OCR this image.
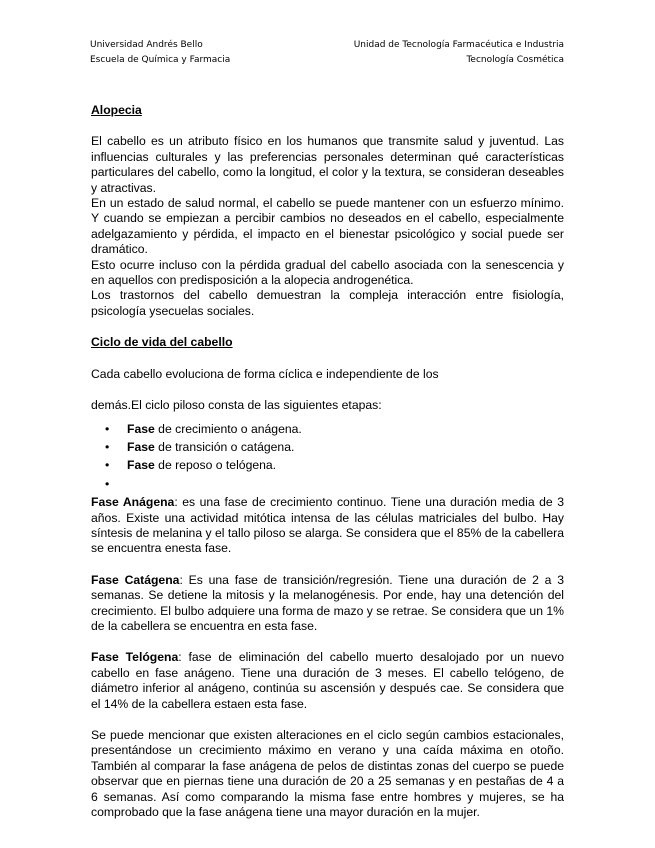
Universidad Andrés Bello
Escuela de Química y Farmacia
Unidad de Tecnología Farmacéutica e Industria
Tecnología Cosmética
Alopecia

El cabello es un atributo físico en los humanos que transmite salud y juventud. Las influencias culturales y las preferencias personales determinan qué características particulares del cabello, como la longitud, el color y la textura, se consideran deseables y atractivas.

En un estado de salud normal, el cabello se puede mantener con un esfuerzo mínimo. Y cuando se empiezan a percibir cambios no deseados en el cabello, especialmente adelgazamiento y pérdida, el impacto en el bienestar psicológico y social puede ser dramático.

Esto ocurre incluso con la pérdida gradual del cabello asociada con la senescencia y en aquellos con predisposición a la alopecia androgenética.

Los trastornos del cabello demuestran la compleja interacción entre fisiología, psicología ysecuelas sociales.

Ciclo de vida del cabello

Cada cabello evoluciona de forma cíclica e independiente de los

demás.El ciclo piloso consta de las siguientes etapas:

• Fase de crecimiento o anágena.
• Fase de transición o catágena.
• Fase de reposo o telógena.
•

Fase Anágena: es una fase de crecimiento continuo. Tiene una duración media de 3 años. Existe una actividad mitótica intensa de las células matriciales del bulbo. Hay síntesis de melanina y el tallo piloso se alarga. Se considera que el 85% de la cabellera se encuentra enesta fase.

Fase Catágena: Es una fase de transición/regresión. Tiene una duración de 2 a 3 semanas. Se detiene la mitosis y la melanogénesis. Por ende, hay una detención del crecimiento. El bulbo adquiere una forma de mazo y se retrae. Se considera que un 1% de la cabellera se encuentra en esta fase.

Fase Telógena: fase de eliminación del cabello muerto desalojado por un nuevo cabello en fase anágeno. Tiene una duración de 3 meses. El cabello telógeno, de diámetro inferior al anágeno, continúa su ascensión y después cae. Se considera que el 14% de la cabellera estaen esta fase.

Se puede mencionar que existen alteraciones en el ciclo según cambios estacionales, presentándose un crecimiento máximo en verano y una caída máxima en otoño. También al comparar la fase anágena de pelos de distintas zonas del cuerpo se puede observar que en piernas tiene una duración de 20 a 25 semanas y en pestañas de 4 a 6 semanas. Así como comparando la misma fase entre hombres y mujeres, se ha comprobado que la fase anágena tiene una mayor duración en la mujer.
